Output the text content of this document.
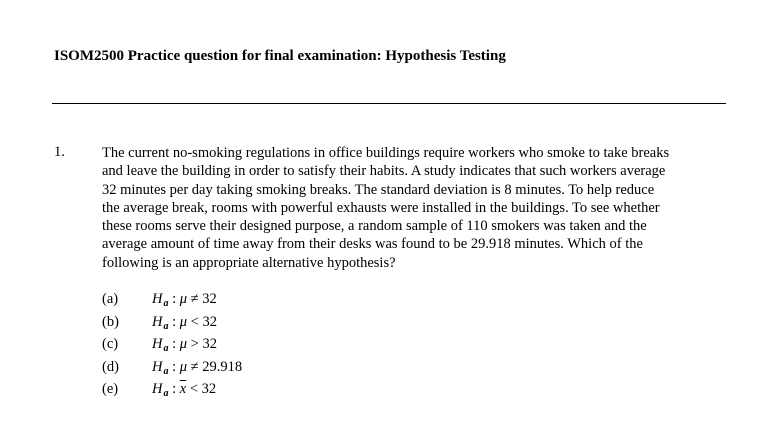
ISOM2500 Practice question for final examination: Hypothesis Testing
1.	The current no-smoking regulations in office buildings require workers who smoke to take breaks
and leave the building in order to satisfy their habits. A study indicates that such workers average
32 minutes per day taking smoking breaks. The standard deviation is 8 minutes. To help reduce
the average break, rooms with powerful exhausts were installed in the buildings. To see whether
these rooms serve their designed purpose, a random sample of 110 smokers was taken and the
average amount of time away from their desks was found to be 29.918 minutes. Which of the
following is an appropriate alternative hypothesis?
(a) $H_a$ : μ ≠ 32
(b) $H_a$ : μ < 32
(c) $H_a$ : μ > 32
(d) $H_a$ : μ ≠ 29.918
(e) $H_a$ : $\overline{x} < 32$
